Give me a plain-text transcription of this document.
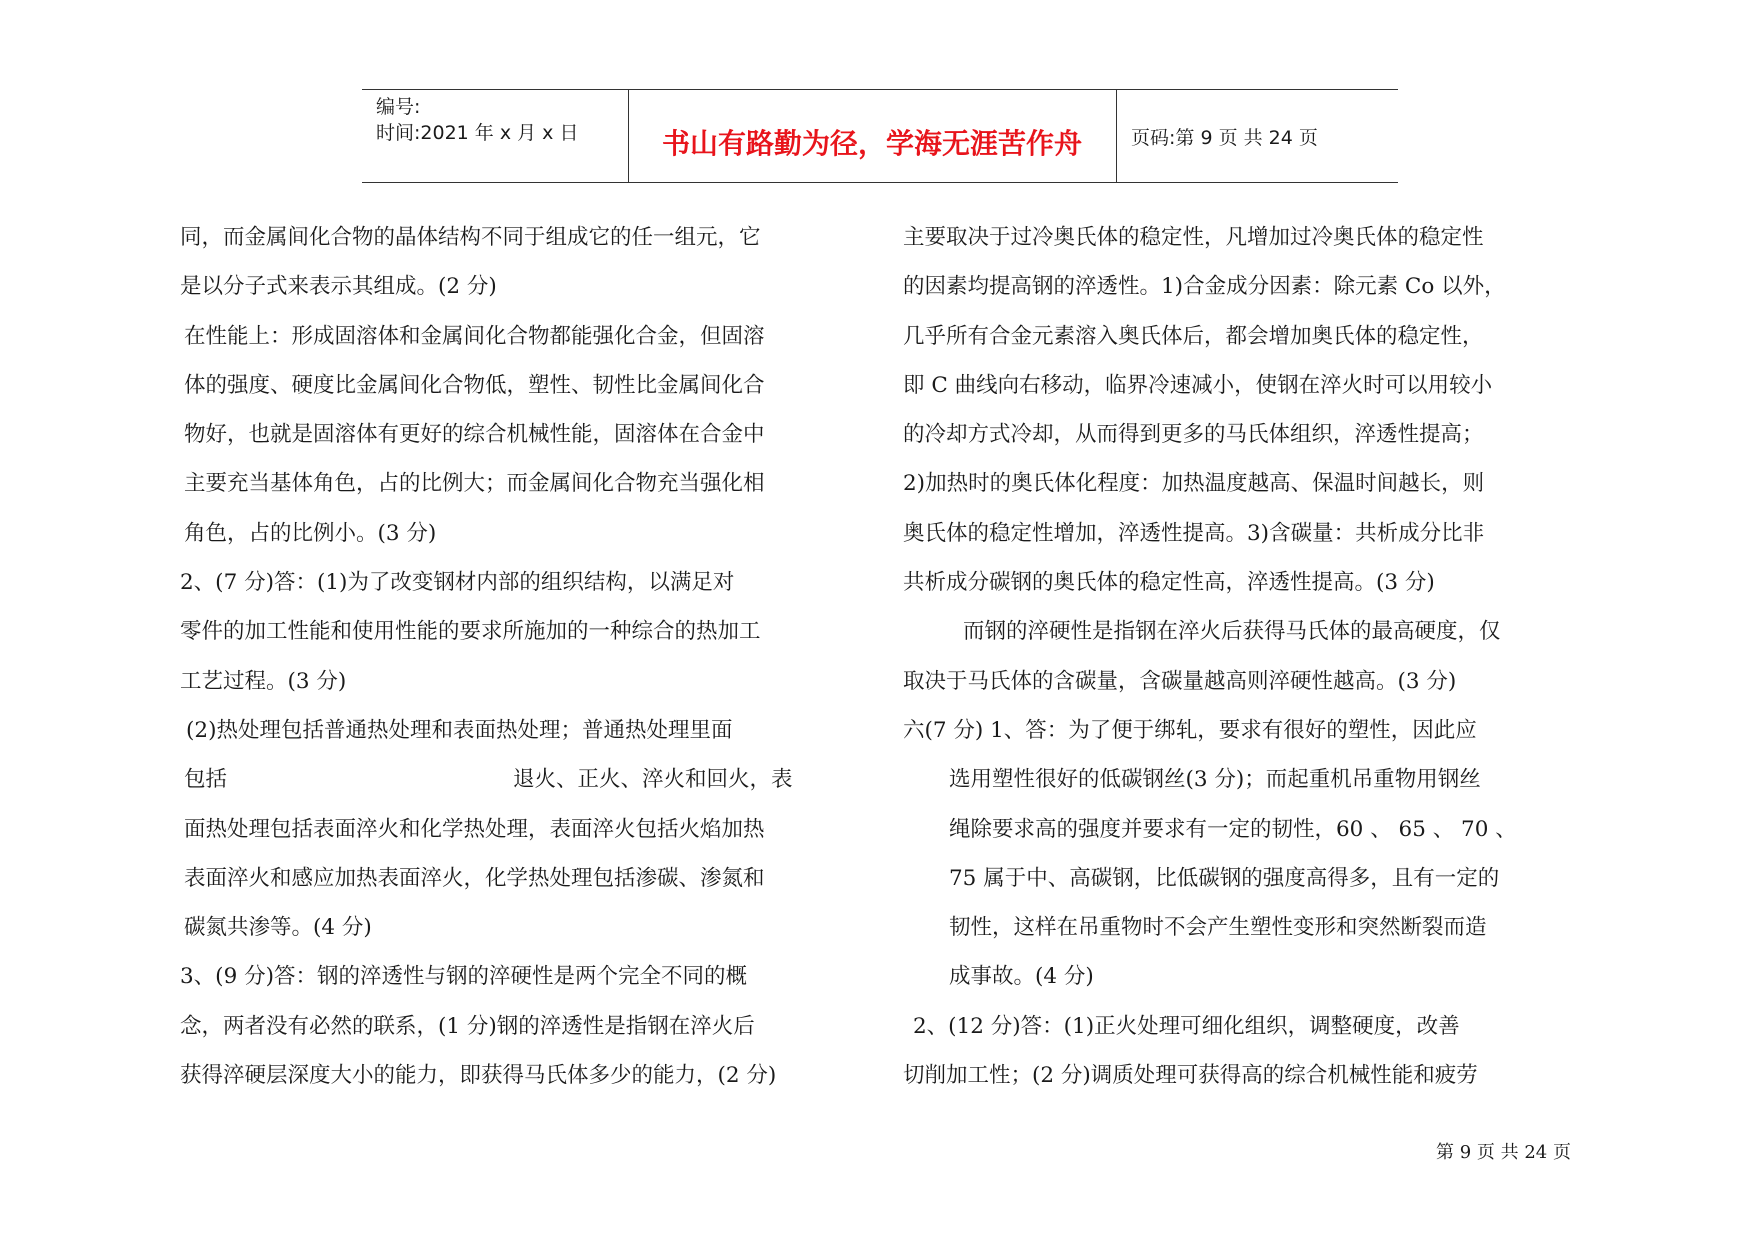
编号:
时间:2021 年 x 月 x 日	书山有路勤为径，学海无涯苦作舟	页码:第 9 页 共 24 页

同，而金属间化合物的晶体结构不同于组成它的任一组元，它

是以分子式来表示其组成。(2 分)

在性能上：形成固溶体和金属间化合物都能强化合金，但固溶

体的强度、硬度比金属间化合物低，塑性、韧性比金属间化合

物好，也就是固溶体有更好的综合机械性能，固溶体在合金中

主要充当基体角色，占的比例大；而金属间化合物充当强化相

角色，占的比例小。(3 分)

2、(7 分)答：(1)为了改变钢材内部的组织结构，以满足对

零件的加工性能和使用性能的要求所施加的一种综合的热加工

工艺过程。(3 分)

(2)热处理包括普通热处理和表面热处理；普通热处理里面

包括	退火、正火、淬火和回火，表

面热处理包括表面淬火和化学热处理，表面淬火包括火焰加热

表面淬火和感应加热表面淬火，化学热处理包括渗碳、渗氮和

碳氮共渗等。(4 分)

3、(9 分)答：钢的淬透性与钢的淬硬性是两个完全不同的概

念，两者没有必然的联系，(1 分)钢的淬透性是指钢在淬火后

获得淬硬层深度大小的能力，即获得马氏体多少的能力，(2 分)

主要取决于过冷奥氏体的稳定性，凡增加过冷奥氏体的稳定性

的因素均提高钢的淬透性。1)合金成分因素：除元素 Co 以外，

几乎所有合金元素溶入奥氏体后，都会增加奥氏体的稳定性，

即 C 曲线向右移动，临界冷速减小，使钢在淬火时可以用较小

的冷却方式冷却，从而得到更多的马氏体组织，淬透性提高；

2)加热时的奥氏体化程度：加热温度越高、保温时间越长，则

奥氏体的稳定性增加，淬透性提高。3)含碳量：共析成分比非

共析成分碳钢的奥氏体的稳定性高，淬透性提高。(3 分)

而钢的淬硬性是指钢在淬火后获得马氏体的最高硬度，仅

取决于马氏体的含碳量，含碳量越高则淬硬性越高。(3 分)

六(7 分) 1、答：为了便于绑轧，要求有很好的塑性，因此应

选用塑性很好的低碳钢丝(3 分)；而起重机吊重物用钢丝

绳除要求高的强度并要求有一定的韧性，60 、 65 、 70 、

75 属于中、高碳钢，比低碳钢的强度高得多，且有一定的

韧性，这样在吊重物时不会产生塑性变形和突然断裂而造

成事故。(4 分)

2、(12 分)答：(1)正火处理可细化组织，调整硬度，改善

切削加工性；(2 分)调质处理可获得高的综合机械性能和疲劳

第 9 页 共 24 页
